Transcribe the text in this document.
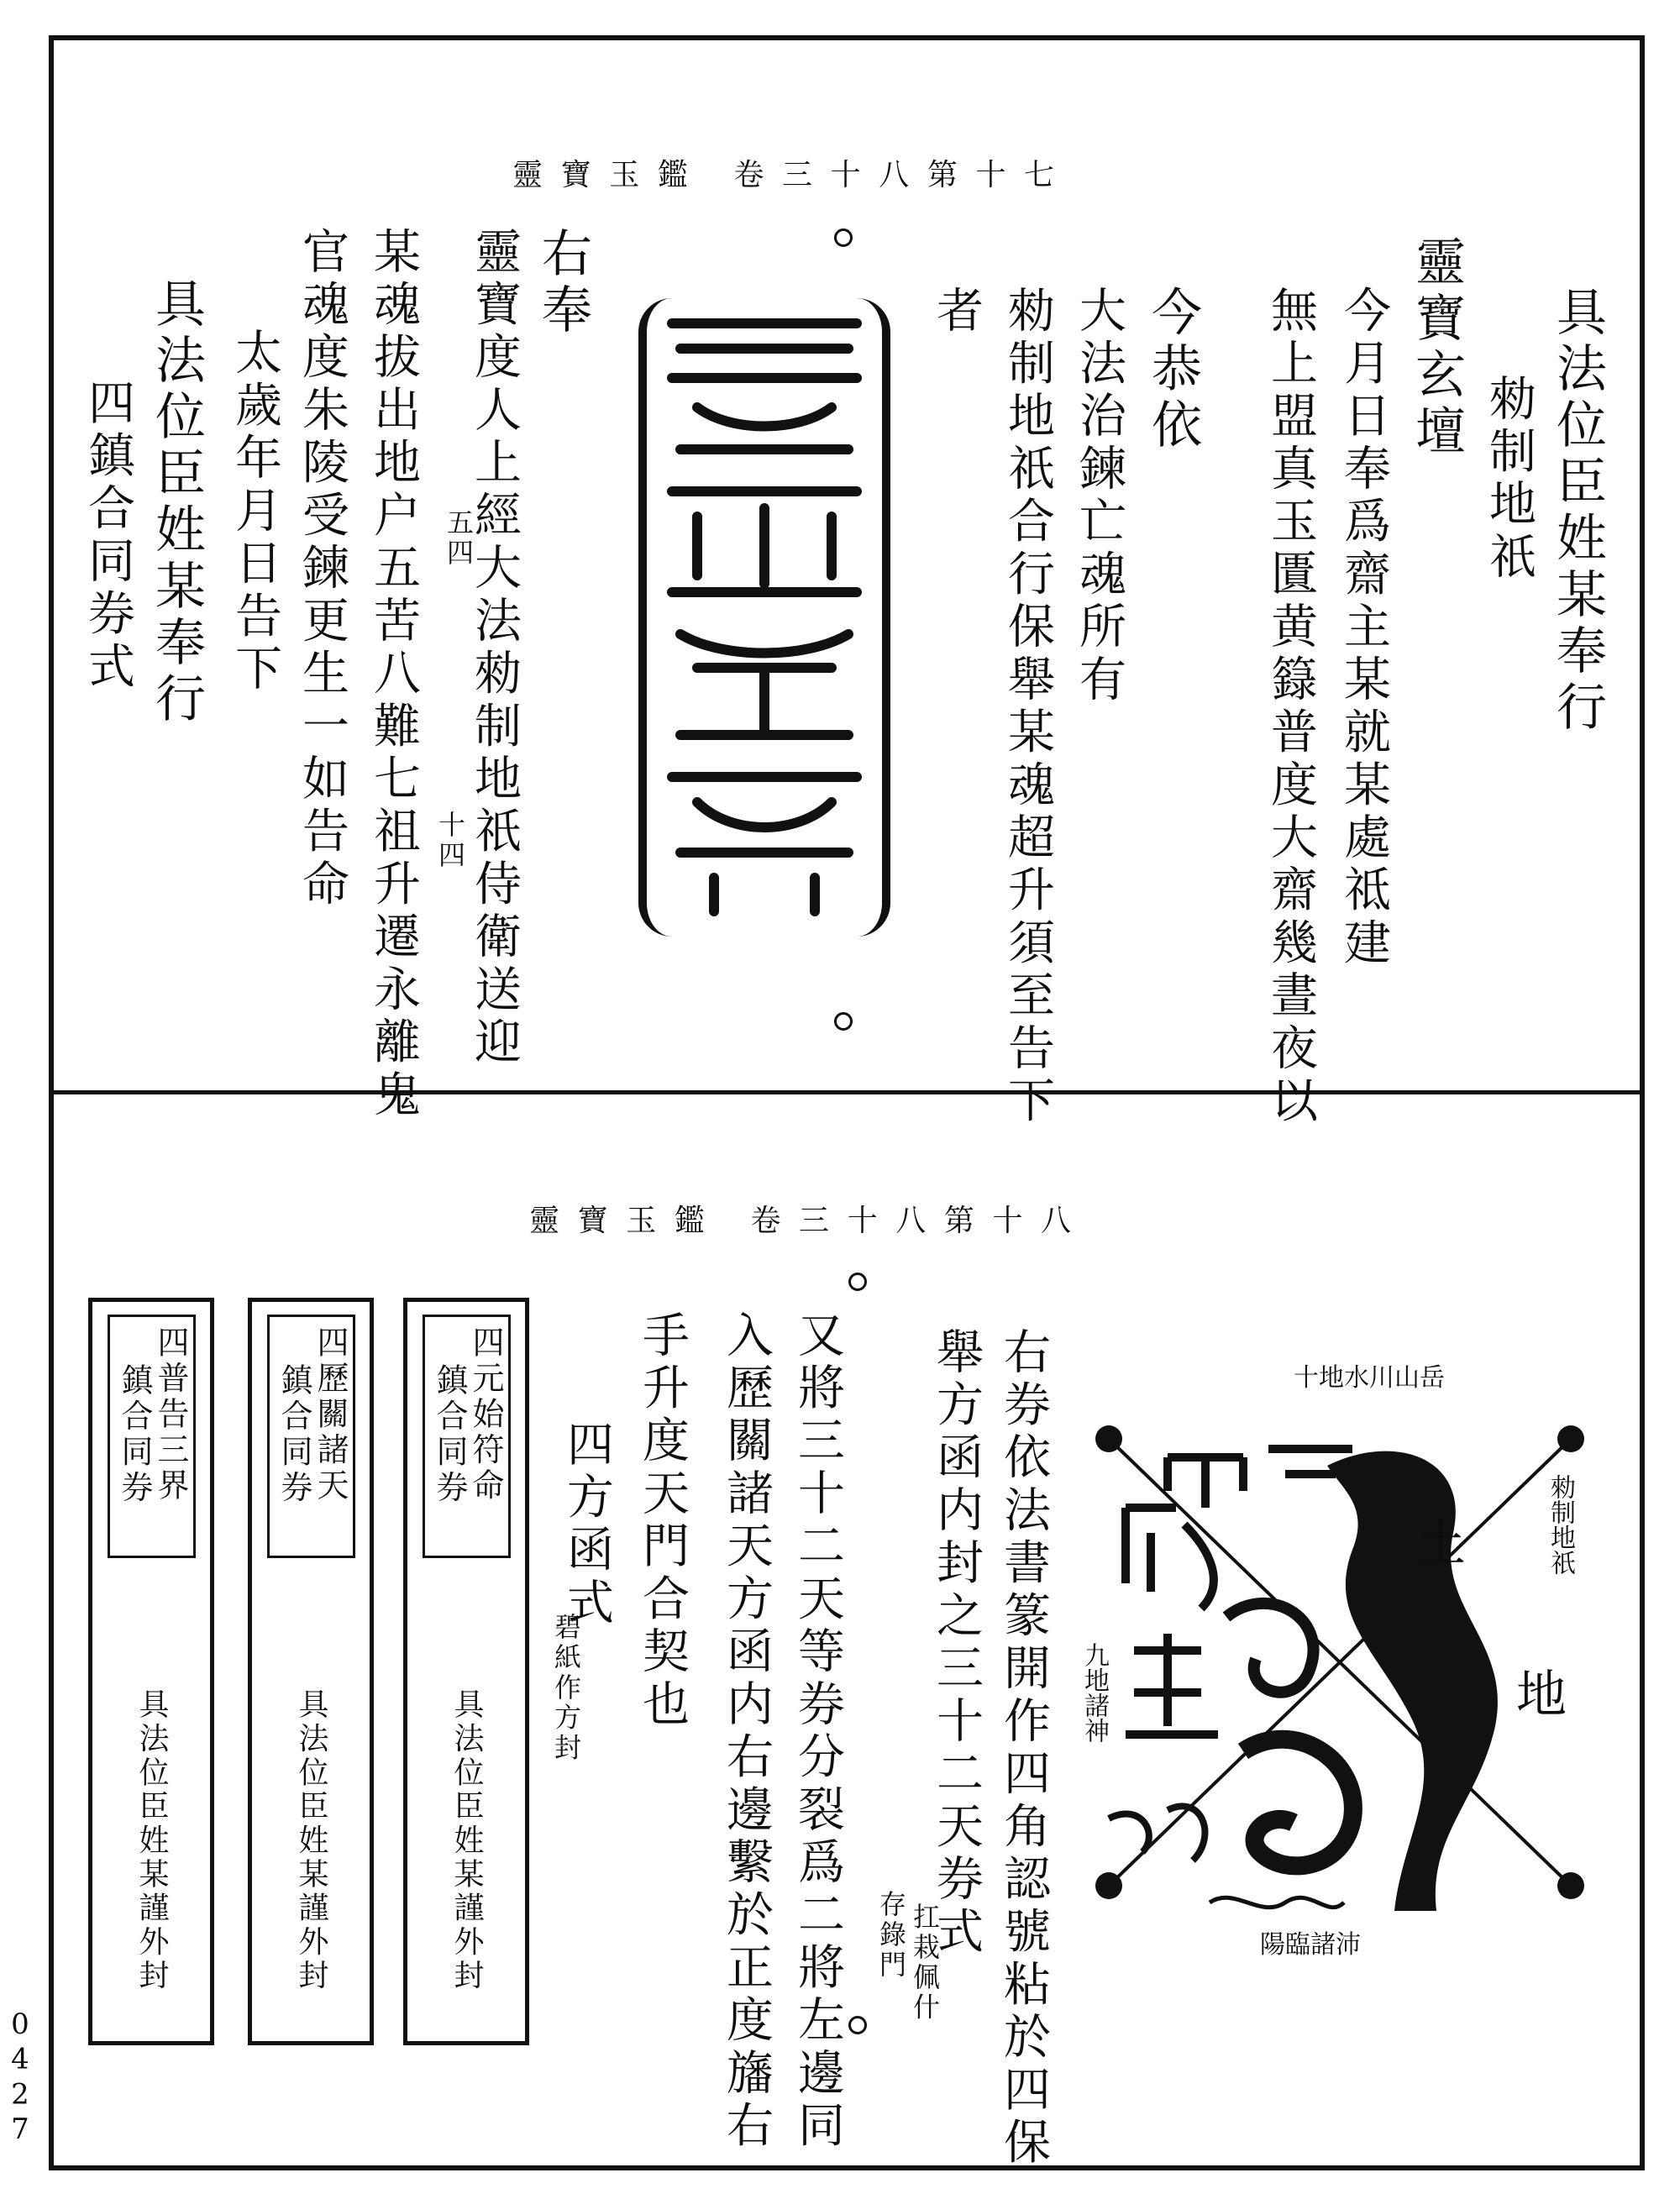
靈寶玉鑑 卷三十八第十七
具法位臣姓某奉行
勑制地祇
靈寶玄壇
今月日奉爲齋主某就某處祗建
無上盟真玉匱黄籙普度大齋幾晝夜以
今恭依
大法治鍊亡魂所有
勑制地祇合行保舉某魂超升須至告下
者
右奉
靈寶度人上經大法勑制地祇侍衛送迎
五四
十四
某魂拔出地户五苦八難七祖升遷永離鬼
官魂度朱陵受鍊更生一如告命
太歲年月日告下
具法位臣姓某奉行
四鎮合同券式
靈寶玉鑑 卷三十八第十八
十地水川山岳
勑制地祇
九地諸神
陽臨諸沛
土
地
右券依法書篆開作四角認號粘於四保
舉方函内封之三十二天券式
存錄門 扛栽佩什
又將三十二天等券分裂爲二將左邊同
入歷關諸天方函内右邊繫於正度旛右
手升度天門合契也
四方函式
碧紙作方封
四元始符命
鎮合同券
具法位臣姓某謹外封
四歷關諸天
鎮合同券
具法位臣姓某謹外封
四普告三界
鎮合同券
具法位臣姓某謹外封
0427
